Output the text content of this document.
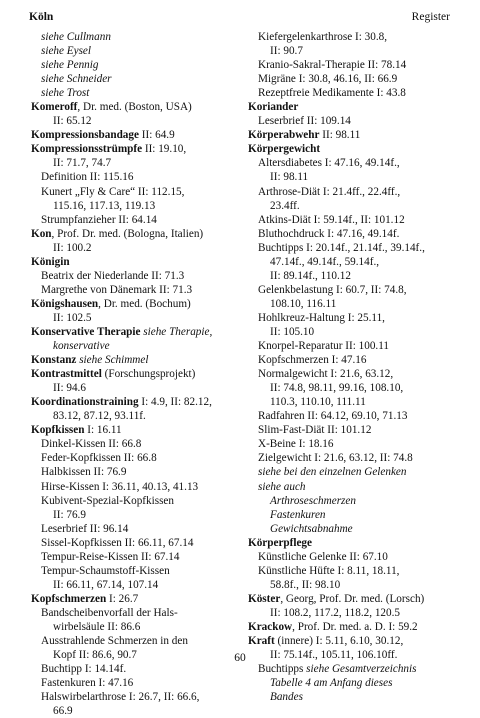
Köln	Register
siehe Cullmann
siehe Eysel
siehe Pennig
siehe Schneider
siehe Trost
Komeroff, Dr. med. (Boston, USA)
II: 65.12
Kompressionsbandage II: 64.9
Kompressionsstrümpfe II: 19.10,
II: 71.7, 74.7
Definition II: 115.16
Kunert „Fly & Care“ II: 112.15,
115.16, 117.13, 119.13
Strumpfanziehe​r II: 64.14
Kon, Prof. Dr. med. (Bologna, Italien)
II: 100.2
Königin
Beatrix der Niederlande II: 71.3
Margrethe von Dänemark II: 71.3
Königshausen, Dr. med. (Bochum)
II: 102.5
Konservative Therapie siehe Therapie,
konservative
Konstanz siehe Schimmel
Kontrastmittel (Forschungsprojekt)
II: 94.6
Koordinationstraining I: 4.9, II: 82.12,
83.12, 87.12, 93.11f.
Kopfkissen I: 16.11
Dinkel-Kissen II: 66.8
Feder-Kopfkissen II: 66.8
Halbkissen II: 76.9
Hirse-Kissen I: 36.11, 40.13, 41.13
Kubivent-Spezial-Kopfkissen
II: 76.9
Leserbrief II: 96.14
Sissel-Kopfkissen II: 66.11, 67.14
Tempur-Reise-Kissen II: 67.14
Tempur-Schaumstoff-Kissen
II: 66.11, 67.14, 107.14
Kopfschmerzen I: 26.7
Bandscheibenvorfall der Hals-
wirbelsäule II: 86.6
Ausstrahlende Schmerzen in den
Kopf II: 86.6, 90.7
Buchtipp I: 14.14f.
Fastenkuren I: 47.16
Halswirbelarthrose I: 26.7, II: 66.6,
66.9
Kiefergelenkarthrose I: 30.8,
II: 90.7
Kranio-Sakral-Therapie II: 78.14
Migräne I: 30.8, 46.16, II: 66.9
Rezeptfreie Medikamente I: 43.8
Koriander
Leserbrief II: 109.14
Körperabwehr II: 98.11
Körpergewicht
Altersdiabetes I: 47.16, 49.14f.,
II: 98.11
Arthrose-Diät I: 21.4ff., 22.4ff.,
23.4ff.
Atkins-Diät I: 59.14f., II: 101.12
Bluthochdruck I: 47.16, 49.14f.
Buchtipps I: 20.14f., 21.14f., 39.14f.,
47.14f., 49.14f., 59.14f.,
II: 89.14f., 110.12
Gelenkbelastung I: 60.7, II: 74.8,
108.10, 116.11
Hohlkreuz-Haltung I: 25.11,
II: 105.10
Knorpel-Reparatur II: 100.11
Kopfschmerzen I: 47.16
Normalgewicht I: 21.6, 63.12,
II: 74.8, 98.11, 99.16, 108.10,
110.3, 110.10, 111.11
Radfahren II: 64.12, 69.10, 71.13
Slim-Fast-Diät II: 101.12
X-Beine I: 18.16
Zielgewicht I: 21.6, 63.12, II: 74.8
siehe bei den einzelnen Gelenken
siehe auch
Arthroseschmerzen
Fastenkuren
Gewichtsabnahme
Körperpflege
Künstliche Gelenke II: 67.10
Künstliche Hüfte I: 8.11, 18.11,
58.8f., II: 98.10
Köster, Georg, Prof. Dr. med. (Lorsch)
II: 108.2, 117.2, 118.2, 120.5
Krackow, Prof. Dr. med. a. D. I: 59.2
Kraft (innere) I: 5.11, 6.10, 30.12,
II: 75.14f., 105.11, 106.10ff.
Buchtipps siehe Gesamtverzeichnis
Tabelle 4 am Anfang dieses
Bandes
60
